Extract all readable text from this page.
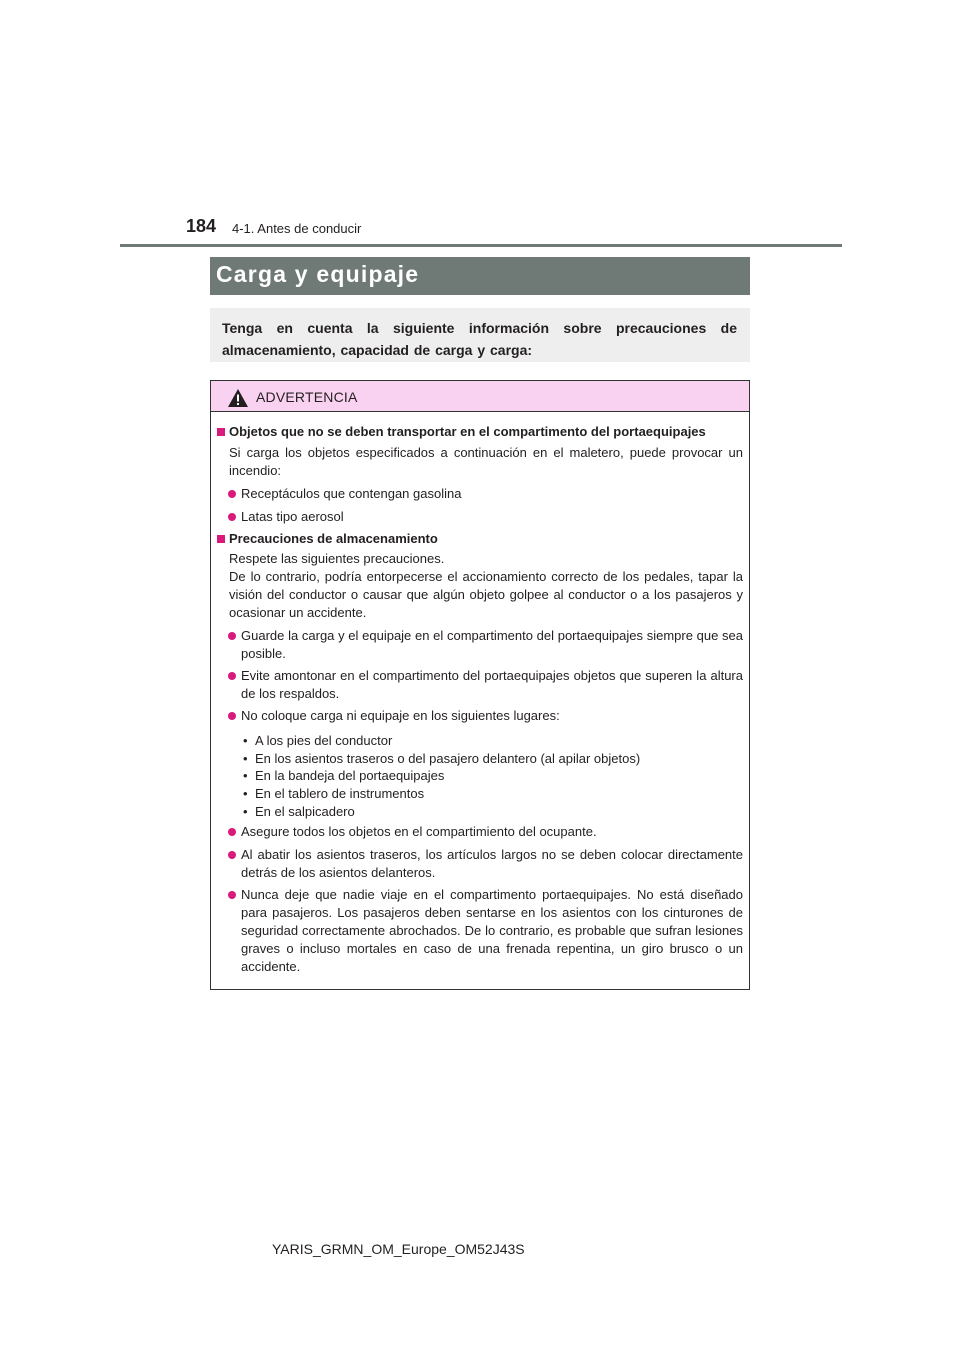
184 4-1. Antes de conducir
Carga y equipaje
Tenga en cuenta la siguiente información sobre precauciones de almacenamiento, capacidad de carga y carga:
ADVERTENCIA
Objetos que no se deben transportar en el compartimento del portaequipajes
Si carga los objetos especificados a continuación en el maletero, puede provocar un incendio:
Receptáculos que contengan gasolina
Latas tipo aerosol
Precauciones de almacenamiento
Respete las siguientes precauciones.
De lo contrario, podría entorpecerse el accionamiento correcto de los pedales, tapar la visión del conductor o causar que algún objeto golpee al conductor o a los pasajeros y ocasionar un accidente.
Guarde la carga y el equipaje en el compartimento del portaequipajes siempre que sea posible.
Evite amontonar en el compartimento del portaequipajes objetos que superen la altura de los respaldos.
No coloque carga ni equipaje en los siguientes lugares:
• A los pies del conductor
• En los asientos traseros o del pasajero delantero (al apilar objetos)
• En la bandeja del portaequipajes
• En el tablero de instrumentos
• En el salpicadero
Asegure todos los objetos en el compartimiento del ocupante.
Al abatir los asientos traseros, los artículos largos no se deben colocar directamente detrás de los asientos delanteros.
Nunca deje que nadie viaje en el compartimento portaequipajes. No está diseñado para pasajeros. Los pasajeros deben sentarse en los asientos con los cinturones de seguridad correctamente abrochados. De lo contrario, es probable que sufran lesiones graves o incluso mortales en caso de una frenada repentina, un giro brusco o un accidente.
YARIS_GRMN_OM_Europe_OM52J43S
